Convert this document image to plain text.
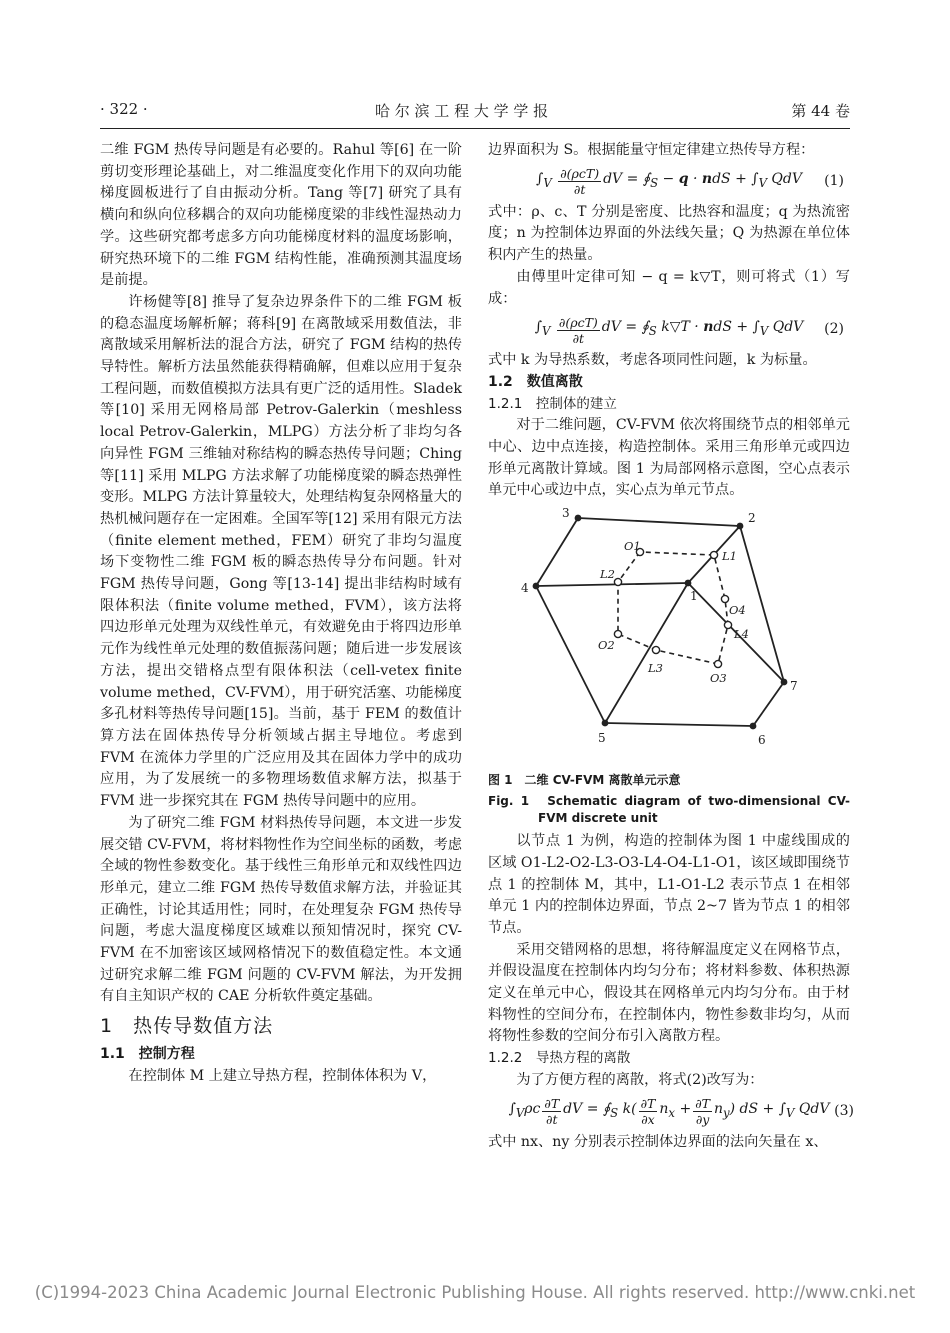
· 322 ·	哈 尔 滨 工 程 大 学 学 报	第 44 卷

二维 FGM 热传导问题是有必要的。Rahul 等[6] 在一阶剪切变形理论基础上，对二维温度变化作用下的双向功能梯度圆板进行了自由振动分析。Tang 等[7] 研究了具有横向和纵向位移耦合的双向功能梯度梁的非线性湿热动力学。这些研究都考虑多方向功能梯度材料的温度场影响，研究热环境下的二维 FGM 结构性能，准确预测其温度场是前提。

许杨健等[8] 推导了复杂边界条件下的二维 FGM 板的稳态温度场解析解；蒋科[9] 在离散域采用数值法，非离散域采用解析法的混合方法，研究了 FGM 结构的热传导特性。解析方法虽然能获得精确解，但难以应用于复杂工程问题，而数值模拟方法具有更广泛的适用性。Sladek 等[10] 采用无网格局部 Petrov-Galerkin（meshless local Petrov-Galerkin，MLPG）方法分析了非均匀各向异性 FGM 三维轴对称结构的瞬态热传导问题；Ching 等[11] 采用 MLPG 方法求解了功能梯度梁的瞬态热弹性变形。MLPG 方法计算量较大，处理结构复杂网格量大的热机械问题存在一定困难。全国军等[12] 采用有限元方法（finite element methed，FEM）研究了非均匀温度场下变物性二维 FGM 板的瞬态热传导分布问题。针对 FGM 热传导问题，Gong 等[13-14] 提出非结构时域有限体积法（finite volume methed，FVM），该方法将四边形单元处理为双线性单元，有效避免由于将四边形单元作为线性单元处理的数值振荡问题；随后进一步发展该方法，提出交错格点型有限体积法（cell-vetex finite volume methed，CV-FVM），用于研究活塞、功能梯度多孔材料等热传导问题[15]。当前，基于 FEM 的数值计算方法在固体热传导分析领域占据主导地位。考虑到 FVM 在流体力学里的广泛应用及其在固体力学中的成功应用，为了发展统一的多物理场数值求解方法，拟基于 FVM 进一步探究其在 FGM 热传导问题中的应用。

为了研究二维 FGM 材料热传导问题，本文进一步发展交错 CV-FVM，将材料物性作为空间坐标的函数，考虑全域的物性参数变化。基于线性三角形单元和双线性四边形单元，建立二维 FGM 热传导数值求解方法，并验证其正确性，讨论其适用性；同时，在处理复杂 FGM 热传导问题，考虑大温度梯度区域难以预知情况时，探究 CV-FVM 在不加密该区域网格情况下的数值稳定性。本文通过研究求解二维 FGM 问题的 CV-FVM 解法，为开发拥有自主知识产权的 CAE 分析软件奠定基础。

1　热传导数值方法

1.1　控制方程

在控制体 M 上建立导热方程，控制体体积为 V，

边界面积为 S。根据能量守恒定律建立热传导方程：

$\int_V \frac{\text{∂(ρcT)}}{\partial t}$ dV = $∮_S - q$ · ndS + $\int_V$ QdV (1)

式中：ρ、c、T 分别是密度、比热容和温度；q 为热流密度；n 为控制体边界面的外法线矢量；Q 为热源在单位体积内产生的热量。

由傅里叶定律可知 − q = k▽T，则可将式（1）写成：

$\int_V \frac{\text{∂(ρcT)}}{\partial t}$ dV = $∮_S$ k▽T · ndS + $\int_V$ QdV (2)

式中 k 为导热系数，考虑各项同性问题，k 为标量。

1.2　数值离散

1.2.1　控制体的建立

对于二维问题，CV-FVM 依次将围绕节点的相邻单元中心、边中点连接，构造控制体。采用三角形单元或四边形单元离散计算域。图 1 为局部网格示意图，空心点表示单元中心或边中点，实心点为单元节点。

1
2
3
4
5	6
7
O1
O2
O3
O4
L1
L2
L3
L4

图 1　二维 CV-FVM 离散单元示意

Fig. 1　Schematic diagram of two-dimensional CV-FVM discrete unit

以节点 1 为例，构造的控制体为图 1 中虚线围成的区域 O1-L2-O2-L3-O3-L4-O4-L1-O1，该区域即围绕节点 1 的控制体 M，其中，L1-O1-L2 表示节点 1 在相邻单元 1 内的控制体边界面，节点 2~7 皆为节点 1 的相邻节点。

采用交错网格的思想，将待解温度定义在网格节点，并假设温度在控制体内均匀分布；将材料参数、体积热源定义在单元中心，假设其在网格单元内均匀分布。由于材料物性的空间分布，在控制体内，物性参数非均匀，从而将物性参数的空间分布引入离散方程。

1.2.2　导热方程的离散

为了方便方程的离散，将式(2)改写为：

$\int_V\rho c \frac{\partial T}{\partial t}$ dV = $∮_S$ $k( \frac{\partial T}{\partial x} n_x + \frac{\partial T}{\partial y} n_y)$ dS + $\int_V$ QdV (3)

式中 nx、ny 分别表示控制体边界面的法向矢量在 x、

(C)1994-2023 China Academic Journal Electronic Publishing House. All rights reserved. http://www.cnki.net
